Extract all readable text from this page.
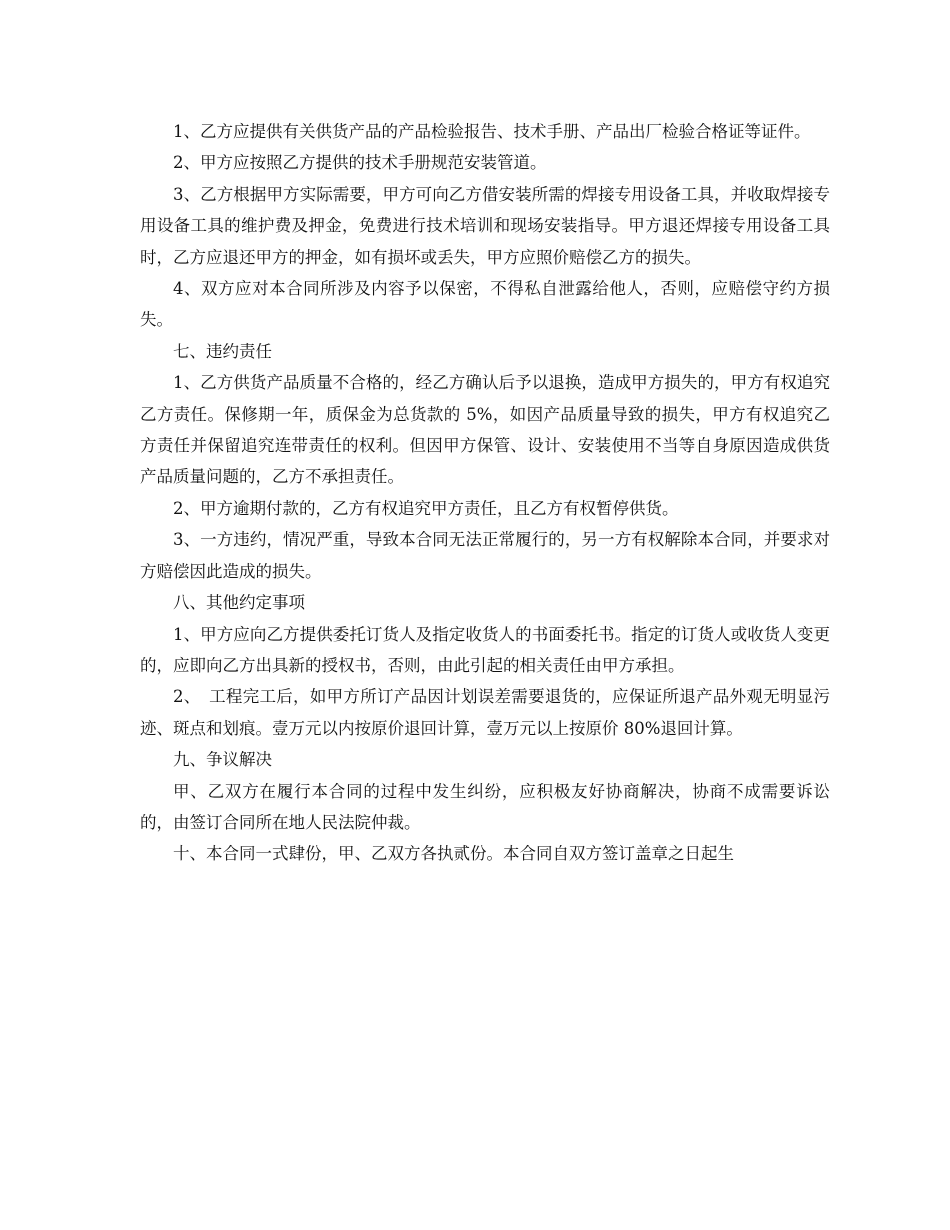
1、乙方应提供有关供货产品的产品检验报告、技术手册、产品出厂检验合格证等证件。

2、甲方应按照乙方提供的技术手册规范安装管道。

3、乙方根据甲方实际需要，甲方可向乙方借安装所需的焊接专用设备工具，并收取焊接专用设备工具的维护费及押金，免费进行技术培训和现场安装指导。甲方退还焊接专用设备工具时，乙方应退还甲方的押金，如有损坏或丢失，甲方应照价赔偿乙方的损失。

4、双方应对本合同所涉及内容予以保密，不得私自泄露给他人，否则，应赔偿守约方损失。

七、违约责任

1、乙方供货产品质量不合格的，经乙方确认后予以退换，造成甲方损失的，甲方有权追究乙方责任。保修期一年，质保金为总货款的 5%，如因产品质量导致的损失，甲方有权追究乙方责任并保留追究连带责任的权利。但因甲方保管、设计、安装使用不当等自身原因造成供货产品质量问题的，乙方不承担责任。

2、甲方逾期付款的，乙方有权追究甲方责任，且乙方有权暂停供货。

3、一方违约，情况严重，导致本合同无法正常履行的，另一方有权解除本合同，并要求对方赔偿因此造成的损失。

八、其他约定事项

1、甲方应向乙方提供委托订货人及指定收货人的书面委托书。指定的订货人或收货人变更的，应即向乙方出具新的授权书，否则，由此引起的相关责任由甲方承担。

2、　工程完工后，如甲方所订产品因计划误差需要退货的，应保证所退产品外观无明显污迹、斑点和划痕。壹万元以内按原价退回计算，壹万元以上按原价 80%退回计算。

九、争议解决

甲、乙双方在履行本合同的过程中发生纠纷，应积极友好协商解决，协商不成需要诉讼的，由签订合同所在地人民法院仲裁。

十、本合同一式肆份，甲、乙双方各执贰份。本合同自双方签订盖章之日起生
